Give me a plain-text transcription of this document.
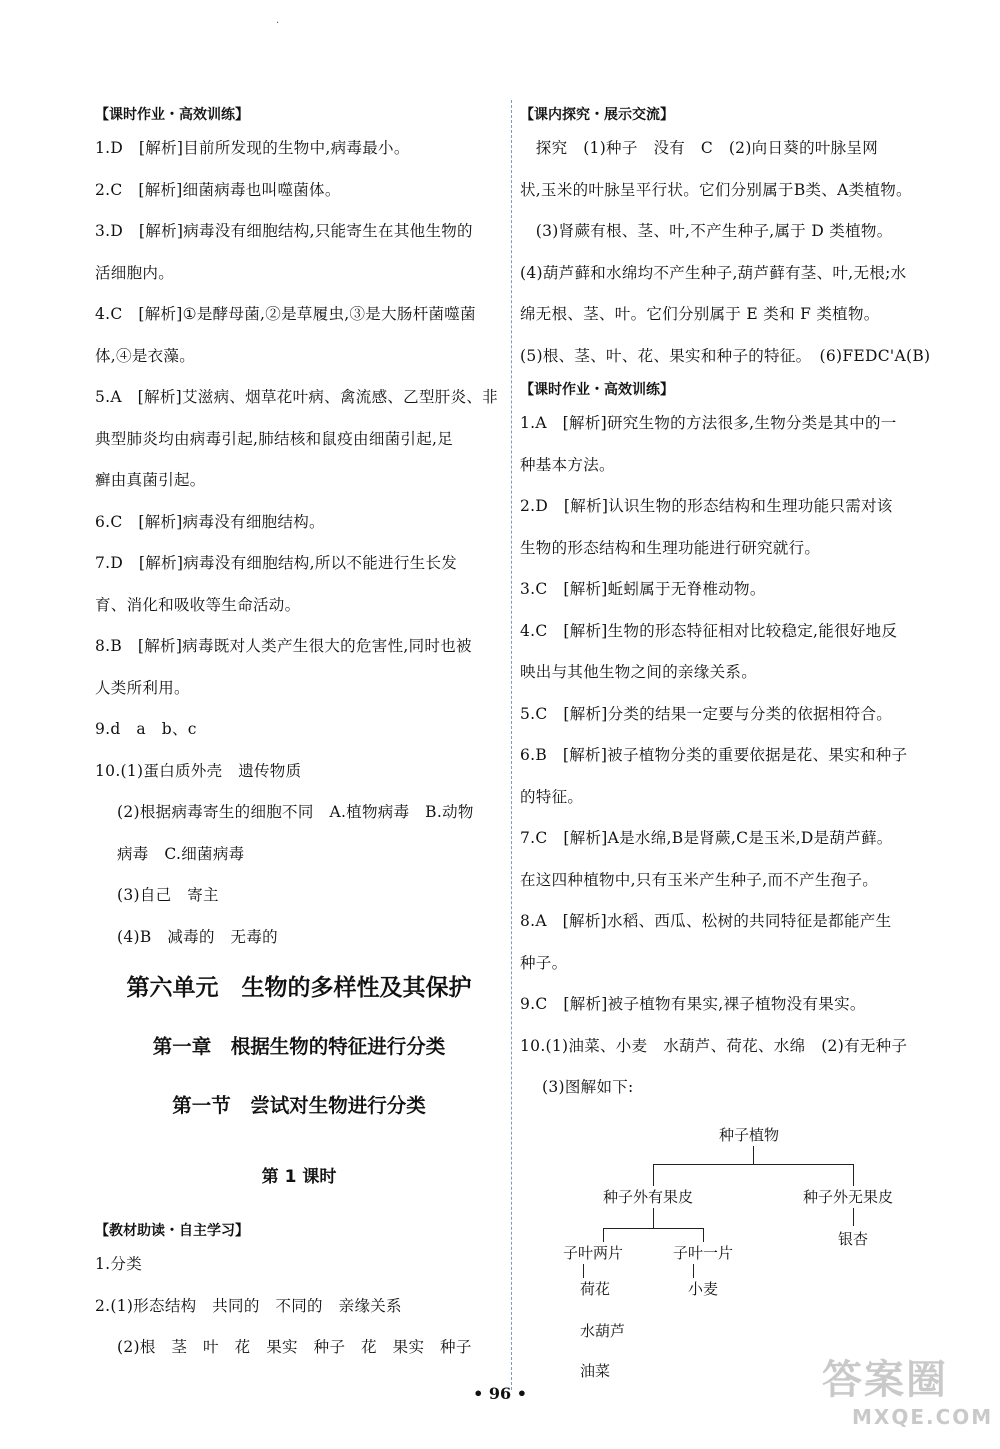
·
【课时作业・高效训练】
1.D　[解析]目前所发现的生物中,病毒最小。
2.C　[解析]细菌病毒也叫噬菌体。
3.D　[解析]病毒没有细胞结构,只能寄生在其他生物的
活细胞内。
4.C　[解析]①是酵母菌,②是草履虫,③是大肠杆菌噬菌
体,④是衣藻。
5.A　[解析]艾滋病、烟草花叶病、禽流感、乙型肝炎、非
典型肺炎均由病毒引起,肺结核和鼠疫由细菌引起,足
癣由真菌引起。
6.C　[解析]病毒没有细胞结构。
7.D　[解析]病毒没有细胞结构,所以不能进行生长发
育、消化和吸收等生命活动。
8.B　[解析]病毒既对人类产生很大的危害性,同时也被
人类所利用。
9.d　a　b、c
10.(1)蛋白质外壳　遗传物质
(2)根据病毒寄生的细胞不同　A.植物病毒　B.动物
病毒　C.细菌病毒
(3)自己　寄主
(4)B　减毒的　无毒的
第六单元　生物的多样性及其保护
第一章　根据生物的特征进行分类
第一节　尝试对生物进行分类
第 1 课时
【教材助读・自主学习】
1.分类
2.(1)形态结构　共同的　不同的　亲缘关系
(2)根　茎　叶　花　果实　种子　花　果实　种子
【课内探究・展示交流】
　探究　(1)种子　没有　C　(2)向日葵的叶脉呈网
状,玉米的叶脉呈平行状。它们分别属于B类、A类植物。
　(3)肾蕨有根、茎、叶,不产生种子,属于 D 类植物。
(4)葫芦藓和水绵均不产生种子,葫芦藓有茎、叶,无根;水
绵无根、茎、叶。它们分别属于 E 类和 F 类植物。
(5)根、茎、叶、花、果实和种子的特征。　(6)FEDC'A(B)
【课时作业・高效训练】
1.A　[解析]研究生物的方法很多,生物分类是其中的一
种基本方法。
2.D　[解析]认识生物的形态结构和生理功能只需对该
生物的形态结构和生理功能进行研究就行。
3.C　[解析]蚯蚓属于无脊椎动物。
4.C　[解析]生物的形态特征相对比较稳定,能很好地反
映出与其他生物之间的亲缘关系。
5.C　[解析]分类的结果一定要与分类的依据相符合。
6.B　[解析]被子植物分类的重要依据是花、果实和种子
的特征。
7.C　[解析]A是水绵,B是肾蕨,C是玉米,D是葫芦藓。
在这四种植物中,只有玉米产生种子,而不产生孢子。
8.A　[解析]水稻、西瓜、松树的共同特征是都能产生
种子。
9.C　[解析]被子植物有果实,裸子植物没有果实。
10.(1)油菜、小麦　水葫芦、荷花、水绵　(2)有无种子
(3)图解如下:
种子植物
种子外有果皮	种子外无果皮
子叶两片	子叶一片
银杏
荷花	小麦
水葫芦
油菜
• 96 •	答案圈
MXQE.COM
